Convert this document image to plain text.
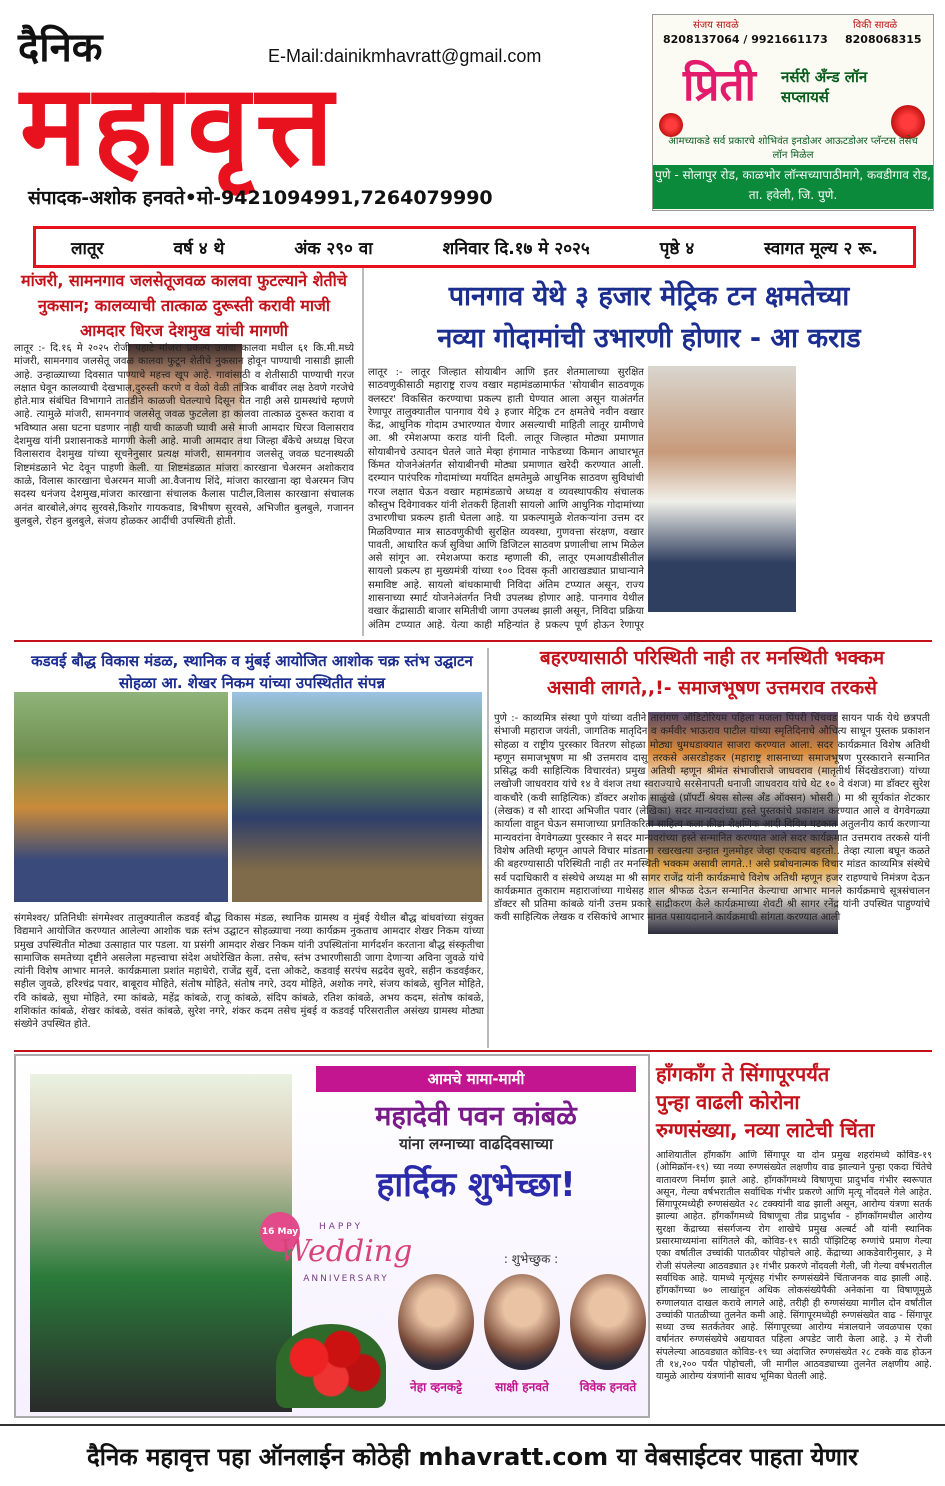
दैनिक	E-Mail:dainikmhavratt@gmail.com
महावृत्त
संपादक-अशोक हनवते•मो-9421094991,7264079990
संजय सावळे
8208137064 / 9921661173
विकी सावळे
8208068315
प्रिती नर्सरी अँन्ड लॉन सप्लायर्स
आमच्याकडे सर्व प्रकारचे शोभिवंत इनडोअर आऊटडोअर प्लॅन्टस तसेच लॉन मिळेल
पुणे - सोलापुर रोड, काळभोर लॉन्सच्यापाठीमागे, कवडीगाव रोड, ता. हवेली, जि. पुणे.
लातूर	वर्ष ४ थे	अंक २९० वा	शनिवार दि.१७ मे २०२५	पृष्ठे ४	स्वागत मूल्य २ रू.
मांजरी, सामनगाव जलसेतूजवळ कालवा फुटल्याने शेतीचे नुकसान; कालव्याची तात्काळ दुरूस्ती करावी माजी आमदार धिरज देशमुख यांची मागणी
लातूर :- दि.१६ मे २०२५ रोजी पहाटे मांजरा प्रकल्प उजवा कालवा मधील ६१ कि.मी.मध्ये मांजरी, सामनगाव जलसेतू जवळ कालवा फुटून शेतीचे नुकसान होवून पाण्याची नासाडी झाली आहे. उन्हाळ्याच्या दिवसात पाण्याचे महत्त्व खूप आहे. गावांसाठी व शेतीसाठी पाण्याची गरज लक्षात घेवून कालव्याची देखभाल,दुरुस्ती करणे व वेळो वेळी तांत्रिक बाबींवर लक्ष ठेवणे गरजेचे होते.मात्र संबंधित विभागाने तातडीने काळजी घेतल्याचे दिसून येत नाही असे ग्रामस्थांचे म्हणणे आहे. त्यामुळे मांजरी, सामनगाव जलसेतू जवळ फुटलेला हा कालवा तात्काळ दुरूस्त करावा व भविष्यात असा घटना घडणार नाही याची काळजी घ्यावी असे माजी आमदार धिरज विलासराव देशमुख यांनी प्रशासनाकडे मागणी केली आहे. माजी आमदार तथा जिल्हा बँकेचे अध्यक्ष धिरज विलासराव देशमुख यांच्या सूचनेनुसार प्रत्यक्ष मांजरी, सामनगाव जलसेतू जवळ घटनास्थळी शिष्टमंडळाने भेट देवून पाहणी केली. या शिष्टमंडळात मांजरा कारखाना चेअरमन अशोकराव काळे, विलास कारखाना चेअरमन माजी आ.वैजनाथ शिंदे, मांजरा कारखाना व्हा चेअरमन जिप सदस्य धनंजय देशमुख,मांजरा कारखाना संचालक कैलास पाटील,विलास कारखाना संचालक अनंत बारबोले,अंगद सुरवसे,किशोर गायकवाड, बिभीषण सुरवसे, अभिजीत बुलबुले, गजानन बुलबुले, रोहन बुलबुले, संजय होळकर आदींची उपस्थिती होती.
पानगाव येथे ३ हजार मेट्रिक टन क्षमतेच्या
नव्या गोदामांची उभारणी होणार - आ कराड
लातूर :- लातूर जिल्हात सोयाबीन आणि इतर शेतमालाच्या सुरक्षित साठवणुकीसाठी महाराष्ट्र राज्य वखार महामंडळामार्फत 'सोयाबीन साठवणूक क्लस्टर' विकसित करण्याचा प्रकल्प हाती घेण्यात आला असून याअंतर्गत रेणापूर तालुक्यातील पानगाव येथे ३ हजार मेट्रिक टन क्षमतेचे नवीन वखार केंद्र, आधुनिक गोदाम उभारण्यात येणार असल्याची माहिती लातूर ग्रामीणचे आ. श्री रमेशअप्पा कराड यांनी दिली. लातूर जिल्हात मोठ्या प्रमाणात सोयाबीनचे उत्पादन घेतले जाते मेव्हा हंगामात नाफेडच्या किमान आधारभूत किंमत योजनेअंतर्गत सोयाबीनची मोठ्या प्रमाणात खरेदी करण्यात आली. दरम्यान पारंपरिक गोदामांच्या मर्यादित क्षमतेमुळे आधुनिक साठवण सुविधांची गरज लक्षात घेऊन वखार महामंडळाचे अध्यक्ष व व्यवस्थापकीय संचालक कौस्तुभ दिवेगावकर यांनी शेतकरी हिताशी सायलो आणि आधुनिक गोदामांच्या उभारणीचा प्रकल्प हाती घेतला आहे. या प्रकल्पामुळे शेतकऱ्यांना उत्तम दर मिळविण्यात मात्र साठवणुकीची सुरक्षित व्यवस्था, गुणवत्ता संरक्षण, वखार पावती, आधारित कर्ज सुविधा आणि डिजिटल साठवण प्रणालीचा लाभ मिळेल असे सांगून आ. रमेशअप्पा कराड म्हणाली की, लातूर एमआयडीसीतील सायलो प्रकल्प हा मुख्यमंत्री यांच्या १०० दिवस कृती आराखड्यात प्राधान्याने समाविष्ट आहे. सायलो बांधकामाची निविदा अंतिम टप्प्यात असून, राज्य शासनाच्या स्मार्ट योजनेअंतर्गत निधी उपलब्ध होणार आहे. पानगाव येथील वखार केंद्रासाठी बाजार समितीची जागा उपलब्ध झाली असून, निविदा प्रक्रिया अंतिम टप्प्यात आहे. येत्या काही महिन्यांत हे प्रकल्प पूर्ण होऊन रेणापूर
कडवई बौद्ध विकास मंडळ, स्थानिक व मुंबई आयोजित आशोक चक्र स्तंभ उद्घाटन सोहळा आ. शेखर निकम यांच्या उपस्थितीत संपन्न
संगमेश्वर/ प्रतिनिधीः संगमेश्वर तालुक्यातील कडवई बौद्ध विकास मंडळ, स्थानिक ग्रामस्थ व मुंबई येथील बौद्ध बांधवांच्या संयुक्त विद्यमाने आयोजित करण्यात आलेल्या आशोक चक्र स्तंभ उद्घाटन सोहळ्याचा नव्या कार्यक्रम नुकताच आमदार शेखर निकम यांच्या प्रमुख उपस्थितीत मोठ्या उत्साहात पार पडला. या प्रसंगी आमदार शेखर निकम यांनी उपस्थितांना मार्गदर्शन करताना बौद्ध संस्कृतीचा सामाजिक समतेच्या दृष्टीने असलेला महत्त्वाचा संदेश अधोरेखित केला. तसेच, स्तंभ उभारणीसाठी जागा देणाऱ्या अविना जुवळे यांचे त्यांनी विशेष आभार मानले. कार्यक्रमाला प्रशांत महाधेरो, राजेंद्र सुर्वे, दत्ता ओकटे, कडवाई सरपंच सद्रदेव सुवरे, सहीन कडवईकर, सहील जुवळे, हरिश्चंद्र पवार, बाबूराव मोहिते, संतोष मोहिते, संतोष नगरे, उदय मोहिते, अशोक नगरे, संजय कांबळे, सुनिल मोहिते, रवि कांबळे, सुधा मोहिते, रमा कांबळे, महेंद्र कांबळे, राजू कांबळे, संदिप कांबळे, रतिश कांबळे, अभय कदम, संतोष कांबळे, शशिकांत कांबळे, शेखर कांबळे, वसंत कांबळे, सुरेश नगरे, शंकर कदम तसेच मुंबई व कडवई परिसरातील असंख्य ग्रामस्थ मोठ्या संख्येने उपस्थित होते.
बहरण्यासाठी परिस्थिती नाही तर मनस्थिती भक्कम
असावी लागते,,!- समाजभूषण उत्तमराव तरकसे
पुणे :- काव्यमित्र संस्था पुणे यांच्या वतीने तारांगण ऑडिटोरियम पहिला मजला पिंपरी चिंचवड सायन पार्क येथे छत्रपती संभाजी महाराज जयंती, जागतिक मातृदिन व कर्मवीर भाऊराव पाटील यांच्या स्मृतिदिनाचे औचित्य साधून पुस्तक प्रकाशन सोहळा व राष्ट्रीय पुरस्कार वितरण सोहळा मोठ्या धुमधडाक्यात साजरा करण्यात आला. सदर कार्यक्रमात विशेष अतिथी म्हणून समाजभूषण मा श्री उत्तमराव दासु तरकसे असरडोहकर (महाराष्ट्र शासनाच्या समाजभूषण पुरस्काराने सन्मानित प्रसिद्ध कवी साहित्यिक विचारवंत) प्रमुख अतिथी म्हणून श्रीमंत संभाजीराजे जाधवराव (मातृतीर्थ सिंदखेडराजा) यांच्या लखोजी जाधवराव यांचे १४ वे वंशज तथा स्वराज्याचे सरसेनापती धनाजी जाधवराव यांचे थेट १० वे वंशज) मा डॉक्टर सुरेश वाकचौरे (कवी साहित्यिक) डॉक्टर अशोक साळुंखे (प्रॉपर्टी श्रेयस सोल्स ॲंड ऑक्सन) भोसरी ) मा श्री सूर्यकांत शेटकार (लेखक) व सौ शारदा अभिजीत पवार (लेखिका) सदर मान्यवरांच्या हस्ते पुस्तकांचे प्रकाशन करण्यात आले व वेगवेगळ्या कार्याला वाहून घेऊन समाजाच्या प्रगतिकरिता साहित्य कला क्रीडा शैक्षणिक आदी विविध घटकात अतुलनीय कार्य करणाऱ्या मान्यवरांना वेगवेगळ्या पुरस्कार ने सदर मान्यवरांच्या हस्ते सन्मानित करण्यात आले सदर कार्यक्रमात उत्तमराव तरकसे यांनी विशेष अतिथी म्हणून आपले विचार मांडताना रखरखत्या उन्हात गुलमोहर जेव्हा एकदाच बहरतो.. तेव्हा त्याला बघून कळते की बहरण्यासाठी परिस्थिती नाही तर मनस्थिती भक्कम असावी लागते..! असे प्रबोधनात्मक विचार मांडत काव्यमित्र संस्थेचे सर्व पदाधिकारी व संस्थेचे अध्यक्ष मा श्री सागर राजेंद्र यांनी कार्यक्रमाचे विशेष अतिथी म्हणून हजर राहण्याचे निमंत्रण देऊन कार्यक्रमात तुकाराम महाराजांच्या गाथेसह शाल श्रीफळ देऊन सन्मानित केल्याचा आभार मानले कार्यक्रमाचे सूत्रसंचालन डॉक्टर सौ प्रतिमा कांबळे यांनी उत्तम प्रकारे साद्रीकरण केले कार्यक्रमाच्या शेवटी श्री सागर रनेंद्र यांनी उपस्थित पाहुण्यांचे कवी साहित्यिक लेखक व रसिकांचे आभार मानत पसायदानाने कार्यक्रमाची सांगता करण्यात आली
आमचे मामा-मामी
महादेवी पवन कांबळे
यांना लग्नाच्या वाढदिवसाच्या
हार्दिक शुभेच्छा!
16 May	HAPPY
Wedding
ANNIVERSARY
: शुभेच्छुक :
नेहा व्हनकट्टे	साक्षी हनवते	विवेक हनवते
हाँगकाँग ते सिंगापूरपर्यंत
पुन्हा वाढली कोरोना
रुग्णसंख्या, नव्या लाटेची चिंता
आशियातील हाँगकाँग आणि सिंगापूर या दोन प्रमुख शहरांमध्ये कोविड-१९ (ओमिक्रॉन-१९) च्या नव्या रुग्णसंख्येत लक्षणीय वाढ झाल्याने पुन्हा एकदा चिंतेचे वातावरण निर्माण झाले आहे. हाँगकाँगमध्ये विषाणूचा प्रादुर्भाव गंभीर स्वरूपात असून, गेल्या वर्षभरातील सर्वाधिक गंभीर प्रकरणे आणि मृत्यू नोंदवले गेले आहेत. सिंगापूरमध्येही रुग्णसंख्येत २८ टक्क्यांनी वाढ झाली असून, आरोग्य यंत्रणा सतर्क झाल्या आहेत. हाँगकाँगमध्ये विषाणूचा तीव्र प्रादुर्भाव - हाँगकाँगमधील आरोग्य सुरक्षा केंद्राच्या संसर्गजन्य रोग शाखेचे प्रमुख अल्बर्ट औ यांनी स्थानिक प्रसारमाध्यमांना सांगितले की, कोविड-१९ साठी पॉझिटिव्ह रुग्णांचे प्रमाण गेल्या एका वर्षातील उच्चांकी पातळीवर पोहोचले आहे. केंद्राच्या आकडेवारीनुसार, ३ मे रोजी संपलेल्या आठवड्यात ३१ गंभीर प्रकरणे नोंदवली गेली, जी गेल्या वर्षभरातील सर्वाधिक आहे. यामध्ये मृत्यूंसह गंभीर रुग्णसंख्येने चिंताजनक वाढ झाली आहे. हाँगकाँगच्या ७० लाखांहून अधिक लोकसंख्येपैकी अनेकांना या विषाणूमुळे रुग्णालयात दाखल करावे लागले आहे, तरीही ही रुग्णसंख्या मागील दोन वर्षांतील उच्चांकी पातळीच्या तुलनेत कमी आहे. सिंगापूरमध्येही रुग्णसंख्येत वाढ - सिंगापूर सध्या उच्च सतर्कतेवर आहे. सिंगापूरच्या आरोग्य मंत्रालयाने जवळपास एका वर्षानंतर रुग्णसंख्येचे अद्ययावत पहिला अपडेट जारी केला आहे. ३ मे रोजी संपलेल्या आठवड्यात कोविड-१९ च्या अंदाजित रुग्णसंख्येत २८ टक्के वाढ होऊन ती १४,२०० पर्यंत पोहोचली, जी मागील आठवड्याच्या तुलनेत लक्षणीय आहे. यामुळे आरोग्य यंत्रणांनी सावध भूमिका घेतली आहे.
दैनिक महावृत्त पहा ऑनलाईन कोठेही mhavratt.com या वेबसाईटवर पाहता येणार
